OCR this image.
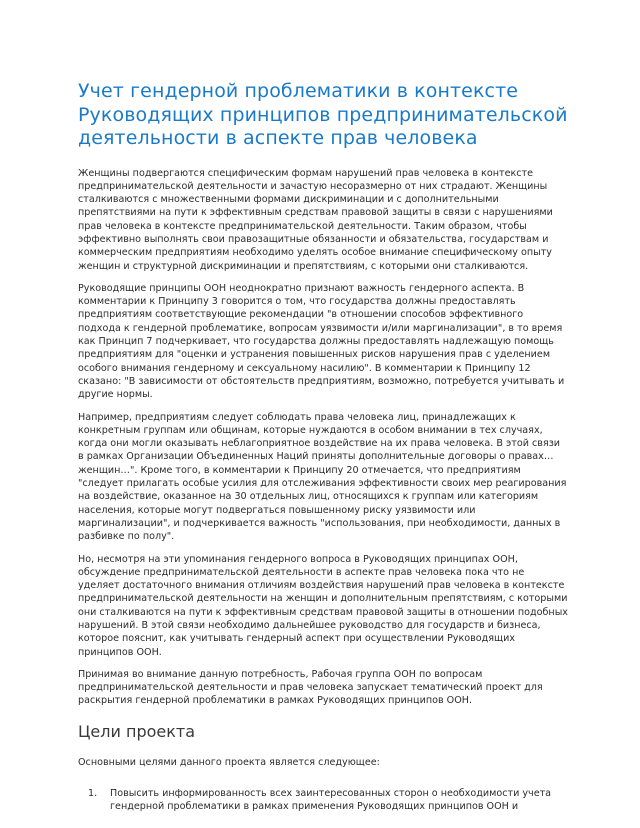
Учет гендерной проблематики в контексте Руководящих принципов предпринимательской деятельности в аспекте прав человека

Женщины подвергаются специфическим формам нарушений прав человека в контексте предпринимательской деятельности и зачастую несоразмерно от них страдают. Женщины сталкиваются с множественными формами дискриминации и с дополнительными препятствиями на пути к эффективным средствам правовой защиты в связи с нарушениями прав человека в контексте предпринимательской деятельности. Таким образом, чтобы эффективно выполнять свои правозащитные обязанности и обязательства, государствам и коммерческим предприятиям необходимо уделять особое внимание специфическому опыту женщин и структурной дискриминации и препятствиям, с которыми они сталкиваются.

Руководящие принципы ООН неоднократно признают важность гендерного аспекта. В комментарии к Принципу 3 говорится о том, что государства должны предоставлять предприятиям соответствующие рекомендации "в отношении способов эффективного подхода к гендерной проблематике, вопросам уязвимости и/или маргинализации", в то время как Принцип 7 подчеркивает, что государства должны предоставлять надлежащую помощь предприятиям для "оценки и устранения повышенных рисков нарушения прав с уделением особого внимания гендерному и сексуальному насилию". В комментарии к Принципу 12 сказано: "В зависимости от обстоятельств предприятиям, возможно, потребуется учитывать и другие нормы.

Например, предприятиям следует соблюдать права человека лиц, принадлежащих к конкретным группам или общинам, которые нуждаются в особом внимании в тех случаях, когда они могли оказывать неблагоприятное воздействие на их права человека. В этой связи в рамках Организации Объединенных Наций приняты дополнительные договоры о правах… женщин…". Кроме того, в комментарии к Принципу 20 отмечается, что предприятиям "следует прилагать особые усилия для отслеживания эффективности своих мер реагирования на воздействие, оказанное на 30 отдельных лиц, относящихся к группам или категориям населения, которые могут подвергаться повышенному риску уязвимости или маргинализации", и подчеркивается важность "использования, при необходимости, данных в разбивке по полу".

Но, несмотря на эти упоминания гендерного вопроса в Руководящих принципах ООН, обсуждение предпринимательской деятельности в аспекте прав человека пока что не уделяет достаточного внимания отличиям воздействия нарушений прав человека в контексте предпринимательской деятельности на женщин и дополнительным препятствиям, с которыми они сталкиваются на пути к эффективным средствам правовой защиты в отношении подобных нарушений. В этой связи необходимо дальнейшее руководство для государств и бизнеса, которое пояснит, как учитывать гендерный аспект при осуществлении Руководящих принципов ООН.

Принимая во внимание данную потребность, Рабочая группа ООН по вопросам предпринимательской деятельности и прав человека запускает тематический проект для раскрытия гендерной проблематики в рамках Руководящих принципов ООН.

Цели проекта

Основными целями данного проекта является следующее:

1.	Повысить информированность всех заинтересованных сторон о необходимости учета гендерной проблематики в рамках применения Руководящих принципов ООН и
